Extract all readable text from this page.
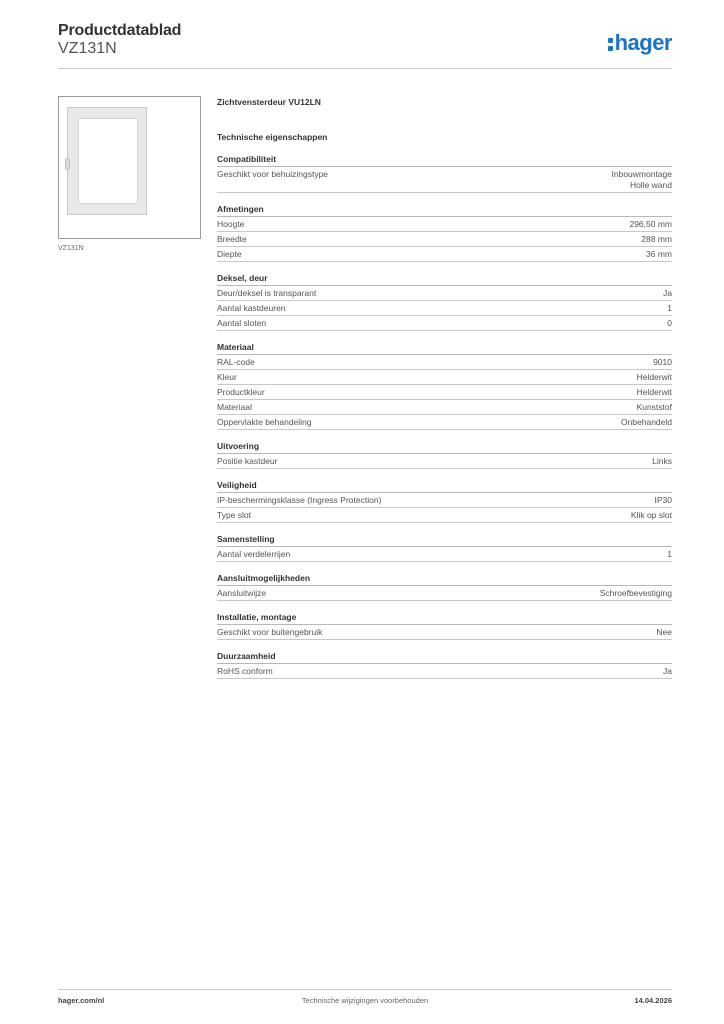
Productdatablad
VZ131N	hager
VZ131N
Zichtvensterdeur VU12LN
Technische eigenschappen
Compatibiliteit
Geschikt voor behuizingstype	Inbouwmontage
Holle wand
Afmetingen
Hoogte	296,50 mm
Breedte	288 mm
Diepte	36 mm
Deksel, deur
Deur/deksel is transparant	Ja
Aantal kastdeuren	1
Aantal sloten	0
Materiaal
RAL-code	9010
Kleur	Helderwit
Productkleur	Helderwit
Materiaal	Kunststof
Oppervlakte behandeling	Onbehandeld
Uitvoering
Positie kastdeur	Links
Veiligheid
IP-beschermingsklasse (Ingress Protection)	IP30
Type slot	Klik op slot
Samenstelling
Aantal verdelerrijen	1
Aansluitmogelijkheden
Aansluitwijze	Schroefbevestiging
Installatie, montage
Geschikt voor buitengebruik	Nee
Duurzaamheid
RoHS conform	Ja
hager.com/nl	Technische wijzigingen voorbehouden	14.04.2026
